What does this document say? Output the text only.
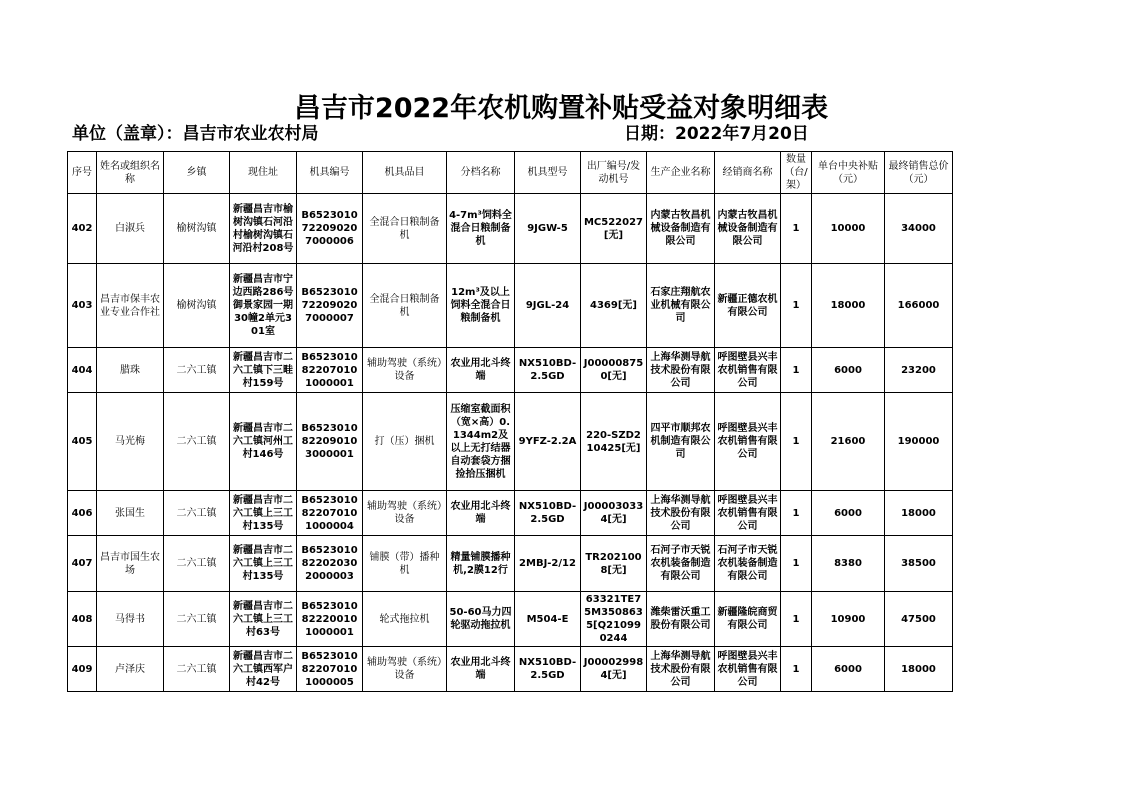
昌吉市2022年农机购置补贴受益对象明细表
单位（盖章）：昌吉市农业农村局	日期：2022年7月20日
序号	姓名或组织名称	乡镇	现住址	机具编号	机具品目	分档名称	机具型号	出厂编号/发动机号	生产企业名称	经销商名称	数量（台/架）	单台中央补贴（元）	最终销售总价（元）
402	白淑兵	榆树沟镇	新疆昌吉市榆树沟镇石河沿村榆树沟镇石河沿村208号	B6523010722090207000006	全混合日粮制备机	4-7m³饲料全混合日粮制备机	9JGW-5	MC522027[无]	内蒙古牧昌机械设备制造有限公司	内蒙古牧昌机械设备制造有限公司	1	10000	34000
403	昌吉市保丰农业专业合作社	榆树沟镇	新疆昌吉市宁边西路286号御景家园一期30幢2单元301室	B6523010722090207000007	全混合日粮制备机	12m³及以上饲料全混合日粮制备机	9JGL-24	4369[无]	石家庄翔航农业机械有限公司	新疆正德农机有限公司	1	18000	166000
404	腊珠	二六工镇	新疆昌吉市二六工镇下三畦村159号	B6523010822070101000001	辅助驾驶（系统）设备	农业用北斗终端	NX510BD-2.5GD	J000008750[无]	上海华测导航技术股份有限公司	呼图壁县兴丰农机销售有限公司	1	6000	23200
405	马光梅	二六工镇	新疆昌吉市二六工镇河州工村146号	B6523010822090103000001	打（压）捆机	压缩室截面积（宽×高）0.1344m2及以上无打结器自动套袋方捆捡拾压捆机	9YFZ-2.2A	220-SZD210425[无]	四平市顺邦农机制造有限公司	呼图壁县兴丰农机销售有限公司	1	21600	190000
406	张国生	二六工镇	新疆昌吉市二六工镇上三工村135号	B6523010822070101000004	辅助驾驶（系统）设备	农业用北斗终端	NX510BD-2.5GD	J000030334[无]	上海华测导航技术股份有限公司	呼图壁县兴丰农机销售有限公司	1	6000	18000
407	昌吉市国生农场	二六工镇	新疆昌吉市二六工镇上三工村135号	B6523010822020302000003	铺膜（带）播种机	精量铺膜播种机,2膜12行	2MBJ-2/12	TR2021008[无]	石河子市天锐农机装备制造有限公司	石河子市天锐农机装备制造有限公司	1	8380	38500
408	马得书	二六工镇	新疆昌吉市二六工镇上三工村63号	B6523010822200101000001	轮式拖拉机	50-60马力四轮驱动拖拉机	M504-E	63321TE75M3508635[Q210990244	潍柴雷沃重工股份有限公司	新疆隆皖商贸有限公司	1	10900	47500
409	卢泽庆	二六工镇	新疆昌吉市二六工镇西军户村42号	B6523010822070101000005	辅助驾驶（系统）设备	农业用北斗终端	NX510BD-2.5GD	J000029984[无]	上海华测导航技术股份有限公司	呼图壁县兴丰农机销售有限公司	1	6000	18000
